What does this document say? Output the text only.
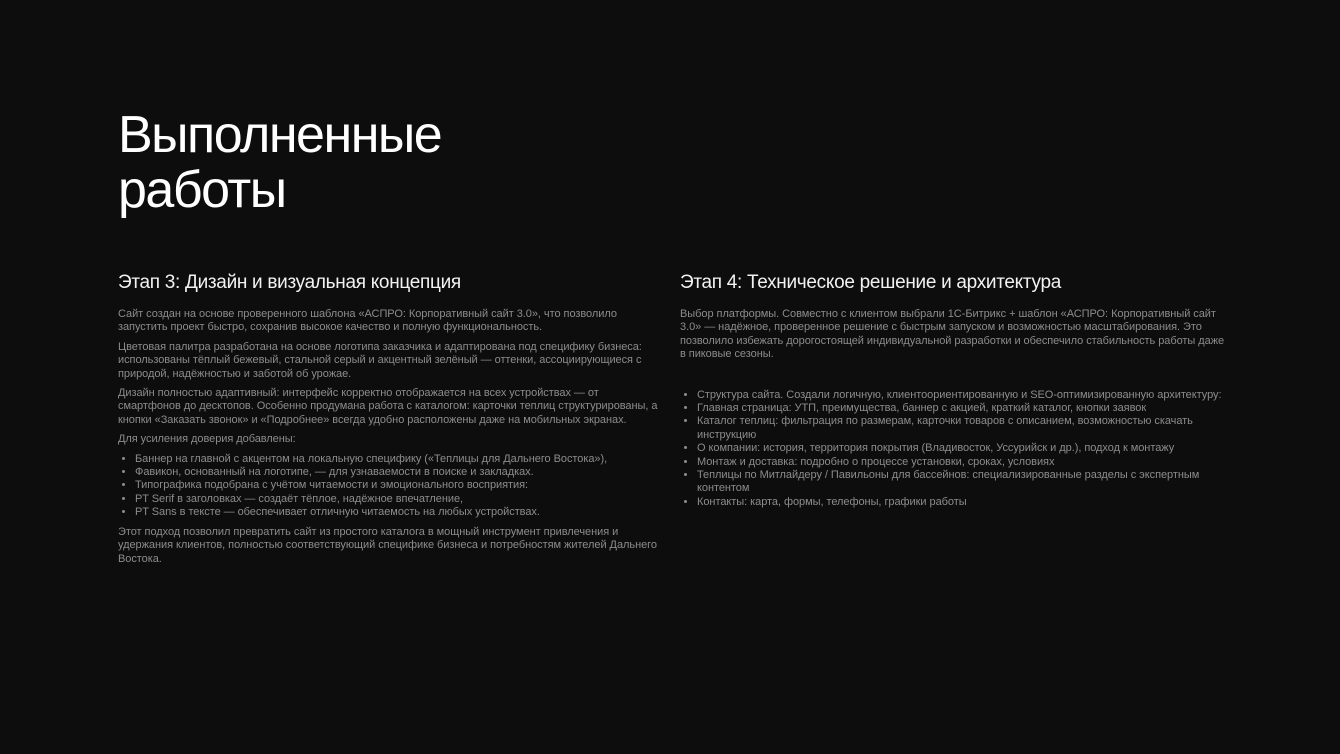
Выполненные
работы
Этап 3: Дизайн и визуальная концепция

Сайт создан на основе проверенного шаблона «АСПРО: Корпоративный сайт 3.0», что позволило запустить проект быстро, сохранив высокое качество и полную функциональность.

Цветовая палитра разработана на основе логотипа заказчика и адаптирована под специфику бизнеса: использованы тёплый бежевый, стальной серый и акцентный зелёный — оттенки, ассоциирующиеся с природой, надёжностью и заботой об урожае.

Дизайн полностью адаптивный: интерфейс корректно отображается на всех устройствах — от смартфонов до десктопов. Особенно продумана работа с каталогом: карточки теплиц структурированы, а кнопки «Заказать звонок» и «Подробнее» всегда удобно расположены даже на мобильных экранах.

Для усиления доверия добавлены:

• Баннер на главной с акцентом на локальную специфику («Теплицы для Дальнего Востока»),
• Фавикон, основанный на логотипе, — для узнаваемости в поиске и закладках.
• Типографика подобрана с учётом читаемости и эмоционального восприятия:
• PT Serif в заголовках — создаёт тёплое, надёжное впечатление,
• PT Sans в тексте — обеспечивает отличную читаемость на любых устройствах.

Этот подход позволил превратить сайт из простого каталога в мощный инструмент привлечения и удержания клиентов, полностью соответствующий специфике бизнеса и потребностям жителей Дальнего Востока.

Этап 4: Техническое решение и архитектура

Выбор платформы. Совместно с клиентом выбрали 1С-Битрикс + шаблон «АСПРО: Корпоративный сайт 3.0» — надёжное, проверенное решение с быстрым запуском и возможностью масштабирования. Это позволило избежать дорогостоящей индивидуальной разработки и обеспечило стабильность работы даже в пиковые сезоны.

• Структура сайта. Создали логичную, клиентоориентированную и SEO-оптимизированную архитектуру:
• Главная страница: УТП, преимущества, баннер с акцией, краткий каталог, кнопки заявок
• Каталог теплиц: фильтрация по размерам, карточки товаров с описанием, возможностью скачать инструкцию
• О компании: история, территория покрытия (Владивосток, Уссурийск и др.), подход к монтажу
• Монтаж и доставка: подробно о процессе установки, сроках, условиях
• Теплицы по Митлайдеру / Павильоны для бассейнов: специализированные разделы с экспертным контентом
• Контакты: карта, формы, телефоны, графики работы
